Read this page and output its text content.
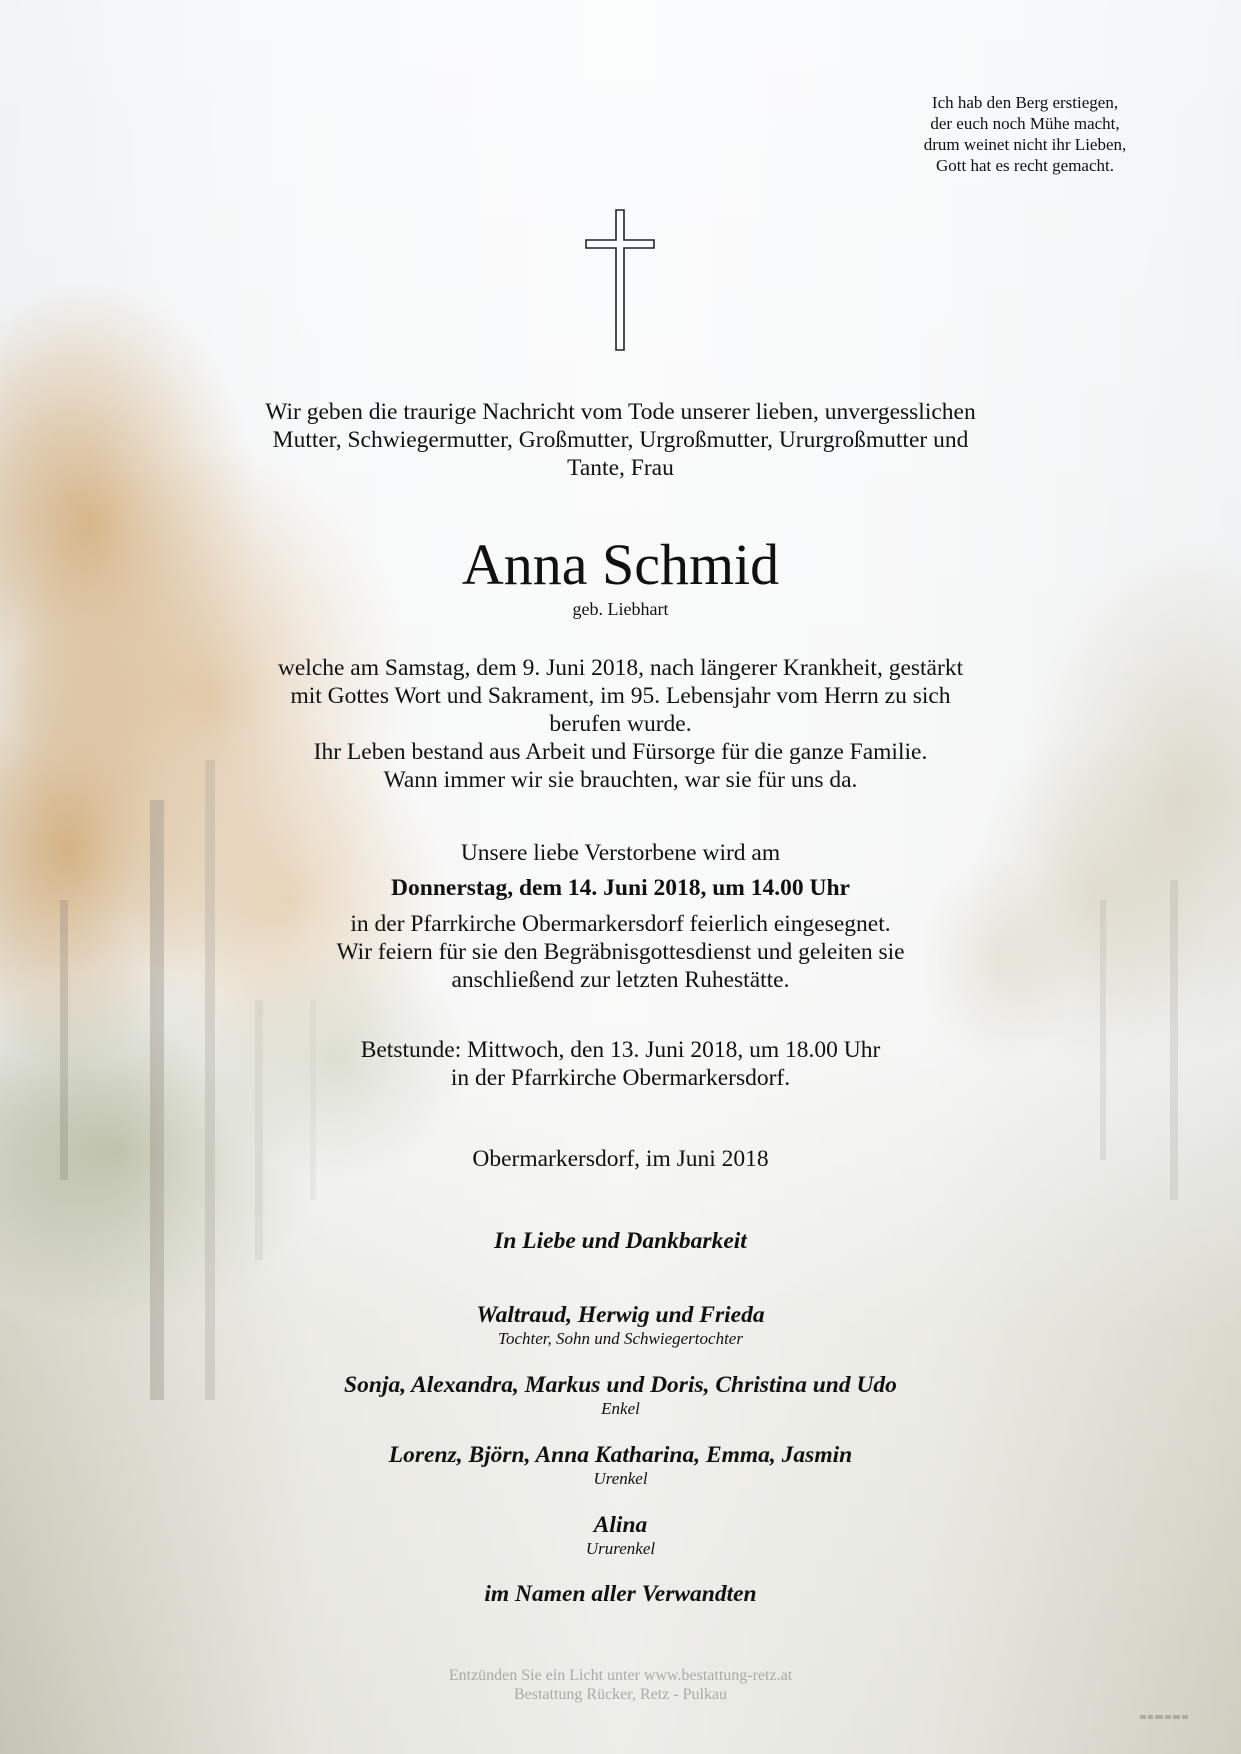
Ich hab den Berg erstiegen,
der euch noch Mühe macht,
drum weinet nicht ihr Lieben,
Gott hat es recht gemacht.
Wir geben die traurige Nachricht vom Tode unserer lieben, unvergesslichen
Mutter, Schwiegermutter, Großmutter, Urgroßmutter, Ururgroßmutter und
Tante, Frau
Anna Schmid
geb. Liebhart
welche am Samstag, dem 9. Juni 2018, nach längerer Krankheit, gestärkt
mit Gottes Wort und Sakrament, im 95. Lebensjahr vom Herrn zu sich
berufen wurde.
Ihr Leben bestand aus Arbeit und Fürsorge für die ganze Familie.
Wann immer wir sie brauchten, war sie für uns da.
Unsere liebe Verstorbene wird am
Donnerstag, dem 14. Juni 2018, um 14.00 Uhr
in der Pfarrkirche Obermarkersdorf feierlich eingesegnet.
Wir feiern für sie den Begräbnisgottesdienst und geleiten sie
anschließend zur letzten Ruhestätte.
Betstunde: Mittwoch, den 13. Juni 2018, um 18.00 Uhr
in der Pfarrkirche Obermarkersdorf.
Obermarkersdorf, im Juni 2018
In Liebe und Dankbarkeit
Waltraud, Herwig und Frieda
Tochter, Sohn und Schwiegertochter
Sonja, Alexandra, Markus und Doris, Christina und Udo
Enkel
Lorenz, Björn, Anna Katharina, Emma, Jasmin
Urenkel
Alina
Ururenkel
im Namen aller Verwandten
Entzünden Sie ein Licht unter www.bestattung-retz.at
Bestattung Rücker, Retz - Pulkau
